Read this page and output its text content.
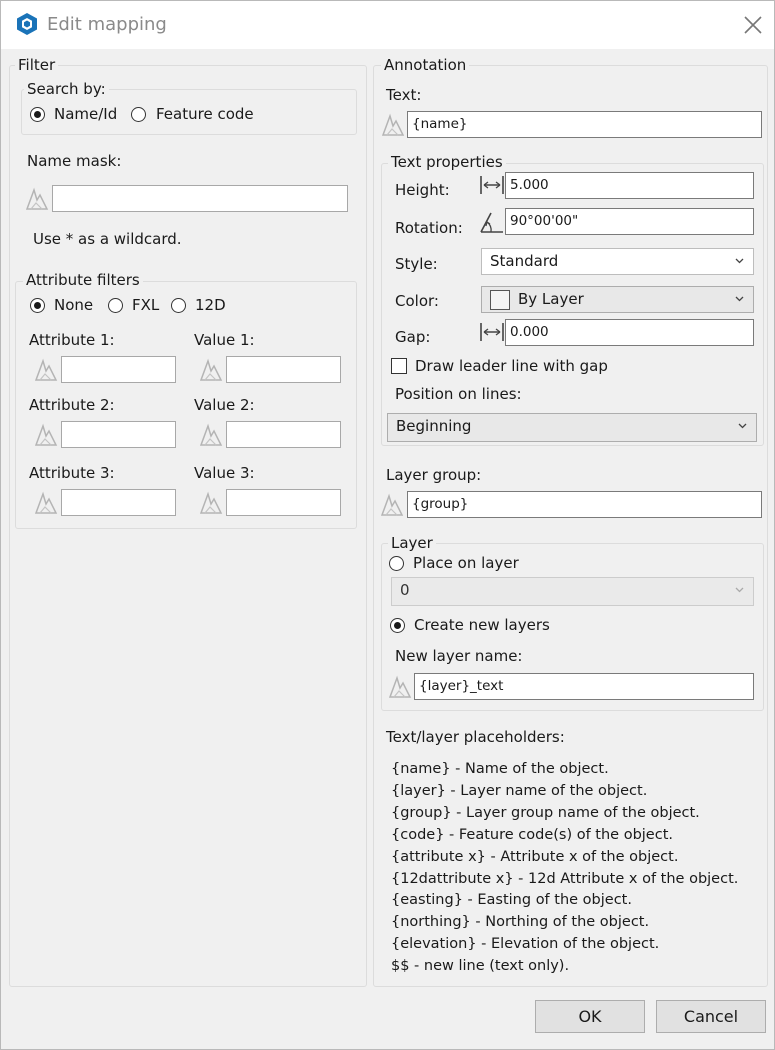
Edit mapping
Filter
Search by:
Name/Id	Feature code
Name mask:
Use * as a wildcard.
Attribute filters
None	FXL 12D
Attribute 1:	Value 1:
Attribute 2:	Value 2:
Attribute 3:	Value 3:
Annotation
Text:
{name}
Text properties
Height:	5.000
Rotation:	90°00'00"
Style:	Standard
Color:	By Layer
Gap:	0.000
Draw leader line with gap
Position on lines:
Beginning
Layer group:
{group}
Layer
Place on layer
0
Create new layers
New layer name:
{layer}_text
Text/layer placeholders:
{name} - Name of the object.
{layer} - Layer name of the object.
{group} - Layer group name of the object.
{code} - Feature code(s) of the object.
{attribute x} - Attribute x of the object.
{12dattribute x} - 12d Attribute x of the object.
{easting} - Easting of the object.
{northing} - Northing of the object.
{elevation} - Elevation of the object.
$$ - new line (text only).
OK	Cancel
